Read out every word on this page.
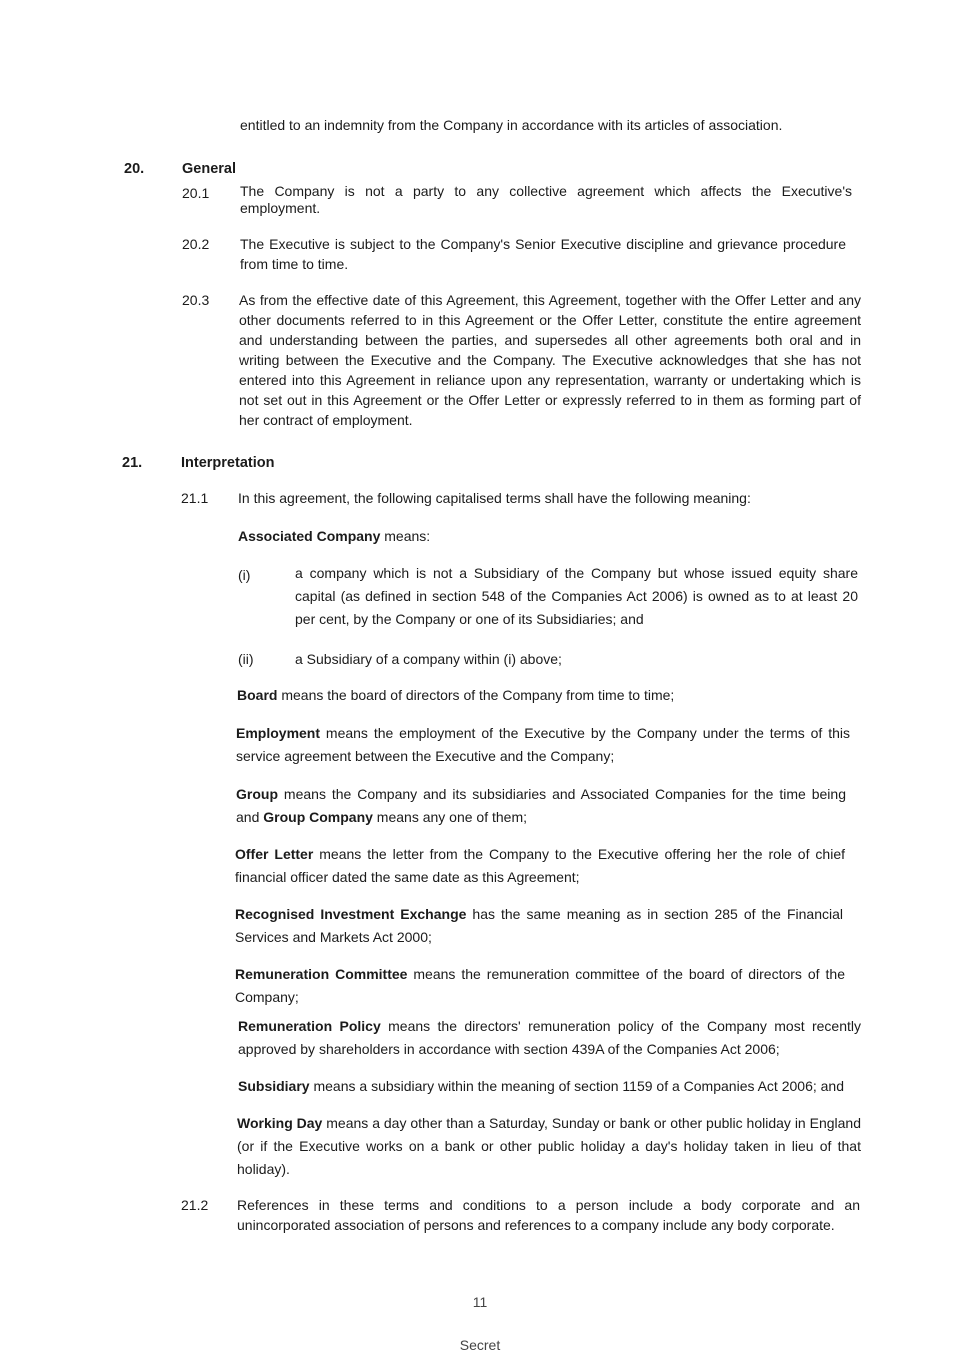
entitled to an indemnity from the Company in accordance with its articles of association.
20.	General
20.1 The Company is not a party to any collective agreement which affects the Executive's employment.
20.2 The Executive is subject to the Company's Senior Executive discipline and grievance procedure from time to time.
20.3 As from the effective date of this Agreement, this Agreement, together with the Offer Letter and any other documents referred to in this Agreement or the Offer Letter, constitute the entire agreement and understanding between the parties, and supersedes all other agreements both oral and in writing between the Executive and the Company. The Executive acknowledges that she has not entered into this Agreement in reliance upon any representation, warranty or undertaking which is not set out in this Agreement or the Offer Letter or expressly referred to in them as forming part of her contract of employment.
21.	Interpretation
21.1 In this agreement, the following capitalised terms shall have the following meaning:
Associated Company means:
(i)	a company which is not a Subsidiary of the Company but whose issued equity share capital (as defined in section 548 of the Companies Act 2006) is owned as to at least 20 per cent, by the Company or one of its Subsidiaries; and
(ii)	a Subsidiary of a company within (i) above;
Board means the board of directors of the Company from time to time;
Employment means the employment of the Executive by the Company under the terms of this service agreement between the Executive and the Company;
Group means the Company and its subsidiaries and Associated Companies for the time being and Group Company means any one of them;
Offer Letter means the letter from the Company to the Executive offering her the role of chief financial officer dated the same date as this Agreement;
Recognised Investment Exchange has the same meaning as in section 285 of the Financial Services and Markets Act 2000;
Remuneration Committee means the remuneration committee of the board of directors of the Company;
Remuneration Policy means the directors' remuneration policy of the Company most recently approved by shareholders in accordance with section 439A of the Companies Act 2006;
Subsidiary means a subsidiary within the meaning of section 1159 of a Companies Act 2006; and
Working Day means a day other than a Saturday, Sunday or bank or other public holiday in England (or if the Executive works on a bank or other public holiday a day's holiday taken in lieu of that holiday).
21.2 References in these terms and conditions to a person include a body corporate and an unincorporated association of persons and references to a company include any body corporate.
11
Secret
